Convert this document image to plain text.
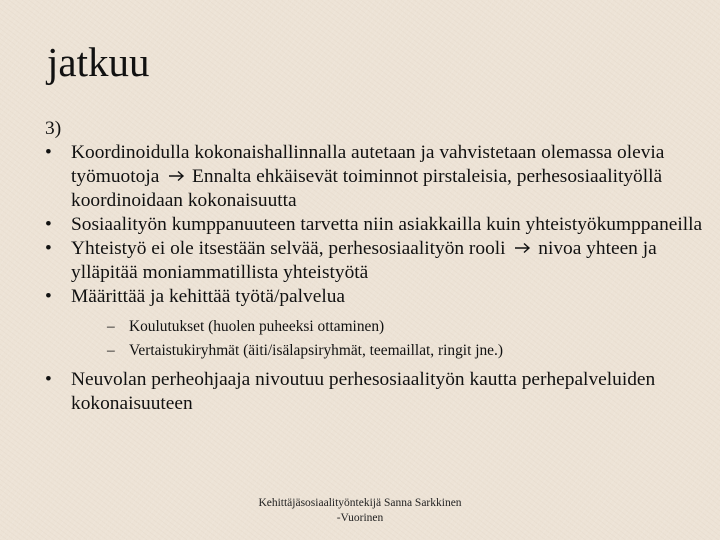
jatkuu
3)
• Koordinoidulla kokonaishallinnalla autetaan ja vahvistetaan olemassa olevia työmuotoja  Ennalta ehkäisevät toiminnot pirstaleisia, perhesosiaalityöllä koordinoidaan kokonaisuutta
• Sosiaalityön kumppanuuteen tarvetta niin asiakkailla kuin yhteistyökumppaneilla
• Yhteistyö ei ole itsestään selvää, perhesosiaalityön rooli  nivoa yhteen ja ylläpitää moniammatillista yhteistyötä
• Määrittää ja kehittää työtä/palvelua
– Koulutukset (huolen puheeksi ottaminen)
– Vertaistukiryhmät (äiti/isälapsiryhmät, teemaillat, ringit jne.)
• Neuvolan perheohjaaja nivoutuu perhesosiaalityön kautta perhepalveluiden kokonaisuuteen
Kehittäjäsosiaalityöntekijä Sanna Sarkkinen
-Vuorinen
